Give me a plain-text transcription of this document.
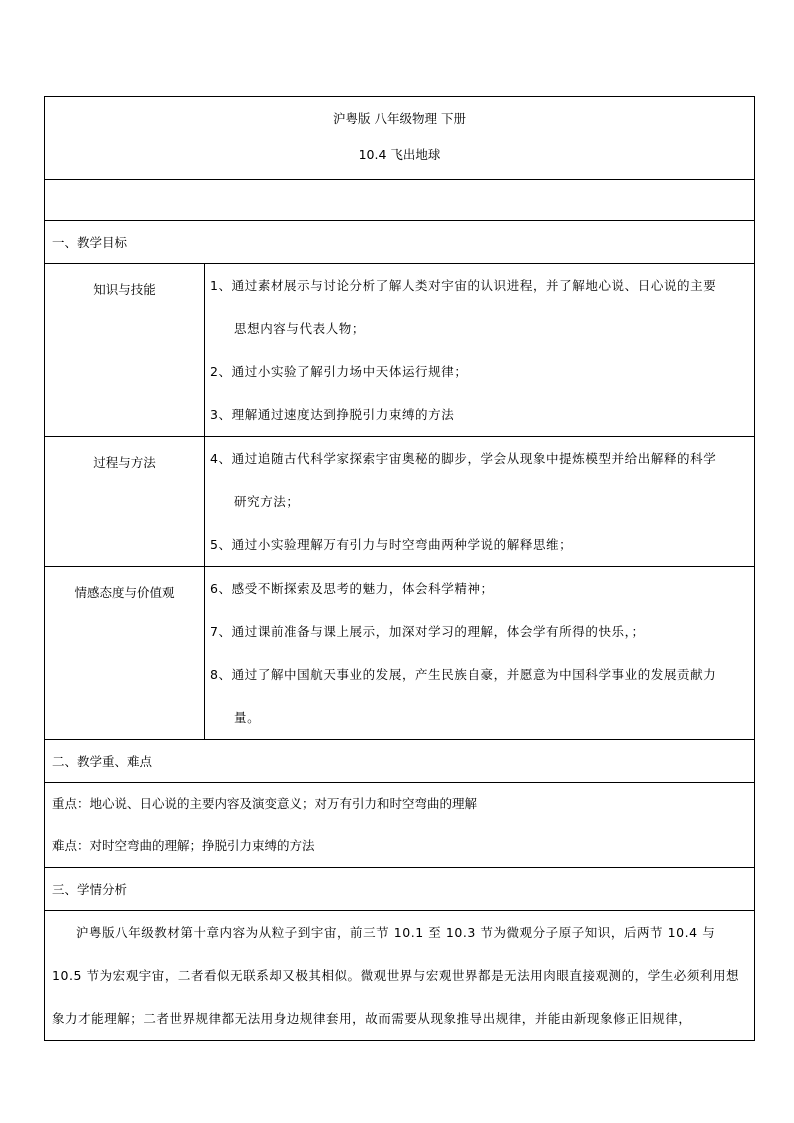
沪粤版 八年级物理 下册
10.4 飞出地球	

一、教学目标	

知识与技能	1、通过素材展示与讨论分析了解人类对宇宙的认识进程，并了解地心说、日心说的主要
思想内容与代表人物；
2、通过小实验了解引力场中天体运行规律；
3、理解通过速度达到挣脱引力束缚的方法

过程与方法	4、通过追随古代科学家探索宇宙奥秘的脚步，学会从现象中提炼模型并给出解释的科学
研究方法；
5、通过小实验理解万有引力与时空弯曲两种学说的解释思维；

情感态度与价值观	6、感受不断探索及思考的魅力，体会科学精神；
7、通过课前准备与课上展示，加深对学习的理解，体会学有所得的快乐，；
8、通过了解中国航天事业的发展，产生民族自豪，并愿意为中国科学事业的发展贡献力
量。

二、教学重、难点	

重点：地心说、日心说的主要内容及演变意义；对万有引力和时空弯曲的理解
难点：对时空弯曲的理解；挣脱引力束缚的方法	

三、学情分析	

沪粤版八年级教材第十章内容为从粒子到宇宙，前三节 10.1 至 10.3 节为微观分子原子知识，后两节 10.4 与 10.5 节为宏观宇宙，二者看似无联系却又极其相似。微观世界与宏观世界都是无法用肉眼直接观测的，学生必须利用想象力才能理解；二者世界规律都无法用身边规律套用，故而需要从现象推导出规律，并能由新现象修正旧规律，	
